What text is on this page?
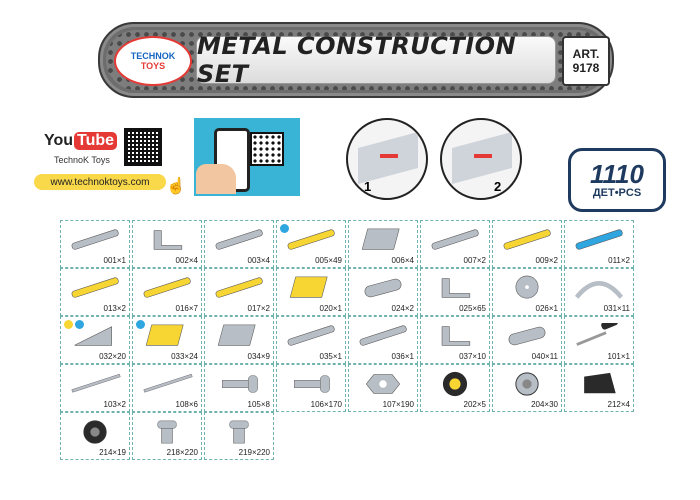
TECHNOK
TOYS
METAL CONSTRUCTION SET
ART.
9178
You Tube
TechnoK Toys
www.technoktoys.com	☝	1	2	1110
ДЕТ•PCS
001×1	002×4	003×4	005×49	006×4	007×2	009×2	011×2
013×2	016×7	017×2	020×1	024×2	025×65	026×1	031×11
032×20	033×24	034×9	035×1	036×1	037×10	040×11	101×1
103×2	108×6	105×8	106×170	107×190	202×5	204×30	212×4
214×19	218×220	219×220
